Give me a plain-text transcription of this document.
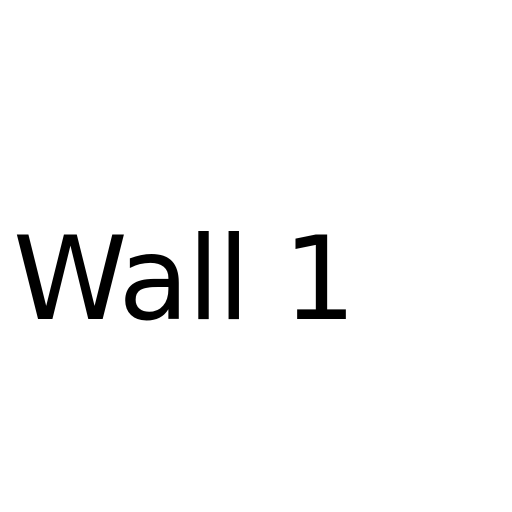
Wall 1
